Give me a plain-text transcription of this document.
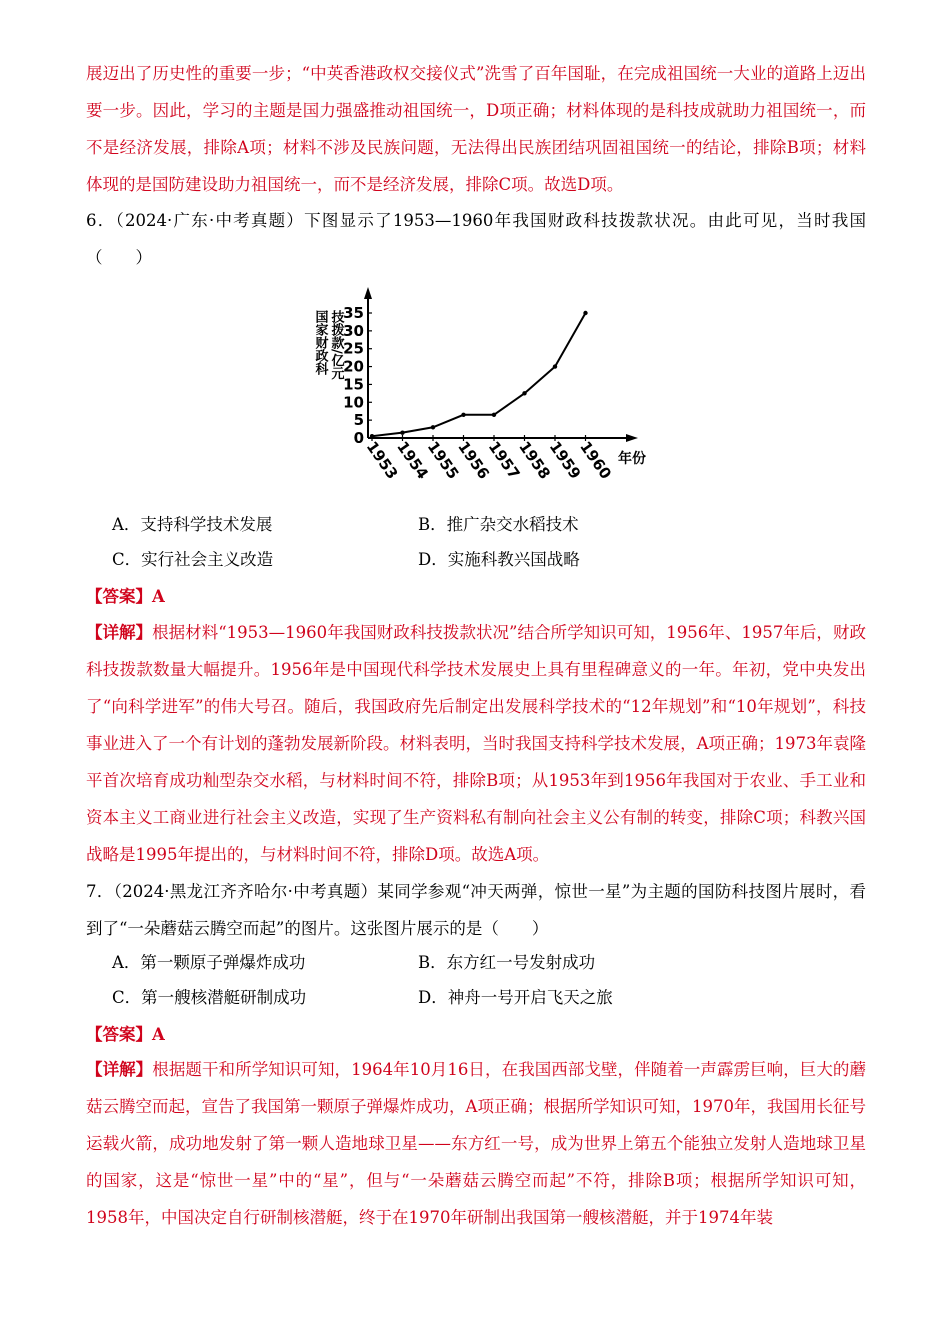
展迈出了历史性的重要一步；“中英香港政权交接仪式”洗雪了百年国耻，在完成祖国统一大业的道路上迈出要一步。因此，学习的主题是国力强盛推动祖国统一，D项正确；材料体现的是科技成就助力祖国统一，而不是经济发展，排除A项；材料不涉及民族问题，无法得出民族团结巩固祖国统一的结论，排除B项；材料体现的是国防建设助力祖国统一，而不是经济发展，排除C项。故选D项。
6．（2024·广东·中考真题）下图显示了1953—1960年我国财政科技拨款状况。由此可见，当时我国（　　）
0
5
10
15
20
25
30
35
国家财政科 技拨款/亿元
1953
1954
1955
1956
1957
1958
1959
1960 年份
A．支持科学技术发展	B．推广杂交水稻技术
C．实行社会主义改造	D．实施科教兴国战略
【答案】A
【详解】根据材料“1953—1960年我国财政科技拨款状况”结合所学知识可知，1956年、1957年后，财政科技拨款数量大幅提升。1956年是中国现代科学技术发展史上具有里程碑意义的一年。年初，党中央发出了“向科学进军”的伟大号召。随后，我国政府先后制定出发展科学技术的“12年规划”和“10年规划”，科技事业进入了一个有计划的蓬勃发展新阶段。材料表明，当时我国支持科学技术发展，A项正确；1973年袁隆平首次培育成功籼型杂交水稻，与材料时间不符，排除B项；从1953年到1956年我国对于农业、手工业和资本主义工商业进行社会主义改造，实现了生产资料私有制向社会主义公有制的转变，排除C项；科教兴国战略是1995年提出的，与材料时间不符，排除D项。故选A项。
7．（2024·黑龙江齐齐哈尔·中考真题）某同学参观“冲天两弹，惊世一星”为主题的国防科技图片展时，看到了“一朵蘑菇云腾空而起”的图片。这张图片展示的是（　　）
A．第一颗原子弹爆炸成功	B．东方红一号发射成功
C．第一艘核潜艇研制成功	D．神舟一号开启飞天之旅
【答案】A
【详解】根据题干和所学知识可知，1964年10月16日，在我国西部戈壁，伴随着一声霹雳巨响，巨大的蘑菇云腾空而起，宣告了我国第一颗原子弹爆炸成功，A项正确；根据所学知识可知，1970年，我国用长征号运载火箭，成功地发射了第一颗人造地球卫星——东方红一号，成为世界上第五个能独立发射人造地球卫星的国家，这是“惊世一星”中的“星”，但与“一朵蘑菇云腾空而起”不符，排除B项；根据所学知识可知，1958年，中国决定自行研制核潜艇，终于在1970年研制出我国第一艘核潜艇，并于1974年装
